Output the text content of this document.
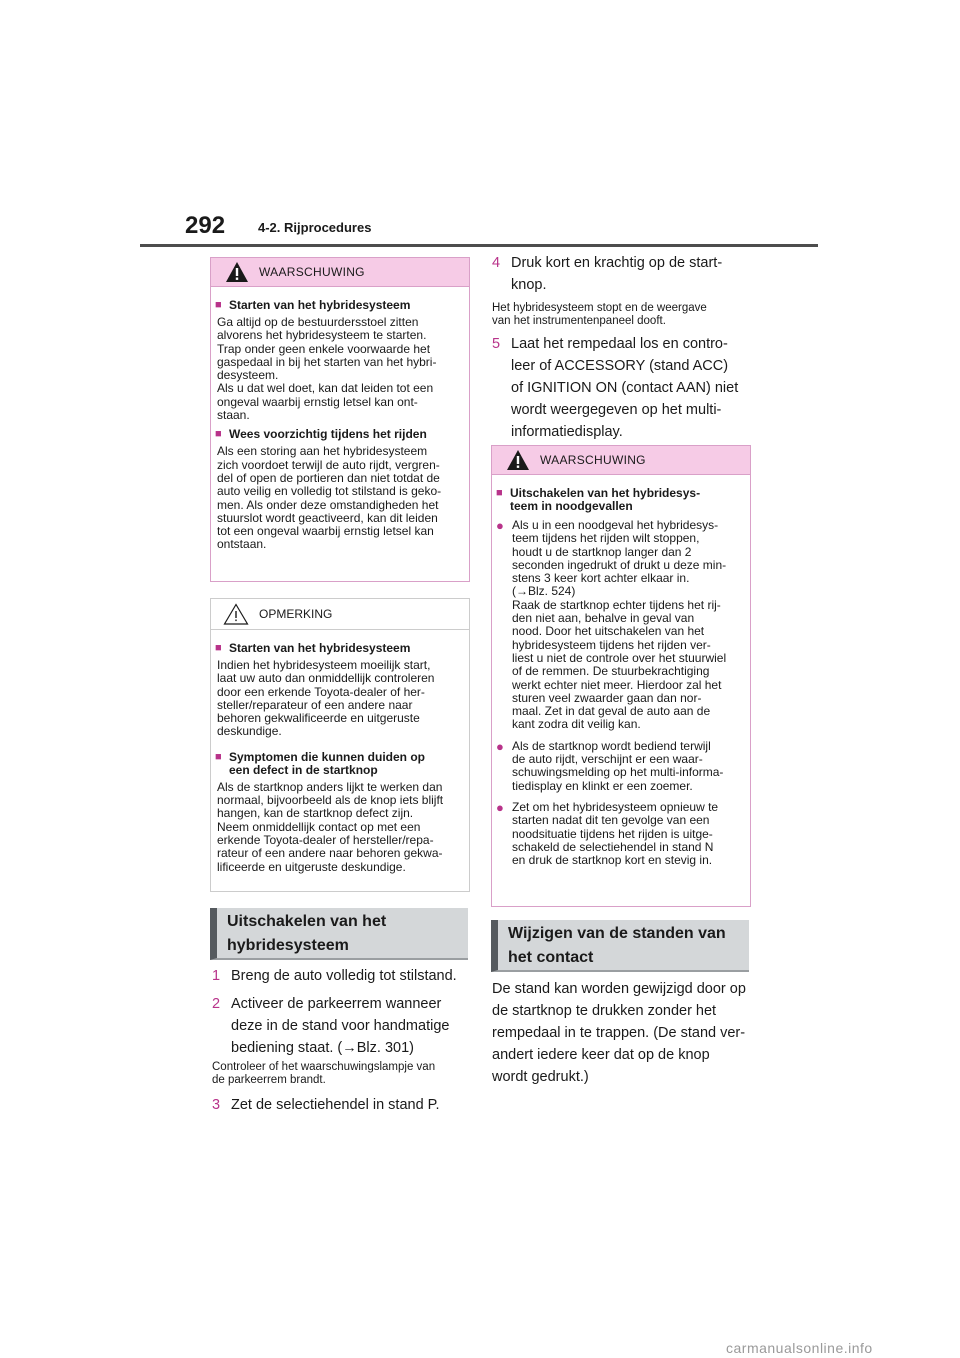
292	4-2. Rijprocedures
WAARSCHUWING
■ Starten van het hybridesysteem
Ga altijd op de bestuurdersstoel zitten
alvorens het hybridesysteem te starten.
Trap onder geen enkele voorwaarde het
gaspedaal in bij het starten van het hybri-
desysteem.
Als u dat wel doet, kan dat leiden tot een
ongeval waarbij ernstig letsel kan ont-
staan.
■ Wees voorzichtig tijdens het rijden
Als een storing aan het hybridesysteem
zich voordoet terwijl de auto rijdt, vergren-
del of open de portieren dan niet totdat de
auto veilig en volledig tot stilstand is geko-
men. Als onder deze omstandigheden het
stuurslot wordt geactiveerd, kan dit leiden
tot een ongeval waarbij ernstig letsel kan
ontstaan.
OPMERKING
■ Starten van het hybridesysteem
Indien het hybridesysteem moeilijk start,
laat uw auto dan onmiddellijk controleren
door een erkende Toyota-dealer of her-
steller/reparateur of een andere naar
behoren gekwalificeerde en uitgeruste
deskundige.
■ Symptomen die kunnen duiden op
een defect in de startknop
Als de startknop anders lijkt te werken dan
normaal, bijvoorbeeld als de knop iets blijft
hangen, kan de startknop defect zijn.
Neem onmiddellijk contact op met een
erkende Toyota-dealer of hersteller/repa-
rateur of een andere naar behoren gekwa-
lificeerde en uitgeruste deskundige.
Uitschakelen van het
hybridesysteem
1 Breng de auto volledig tot stilstand.
2 Activeer de parkeerrem wanneer
deze in de stand voor handmatige
bediening staat. (→Blz. 301)
Controleer of het waarschuwingslampje van
de parkeerrem brandt.
3 Zet de selectiehendel in stand P.
4 Druk kort en krachtig op de start-
knop.
Het hybridesysteem stopt en de weergave
van het instrumentenpaneel dooft.
5 Laat het rempedaal los en contro-
leer of ACCESSORY (stand ACC)
of IGNITION ON (contact AAN) niet
wordt weergegeven op het multi-
informatiedisplay.
WAARSCHUWING
■ Uitschakelen van het hybridesys-
teem in noodgevallen
● Als u in een noodgeval het hybridesys-
teem tijdens het rijden wilt stoppen,
houdt u de startknop langer dan 2
seconden ingedrukt of drukt u deze min-
stens 3 keer kort achter elkaar in.
(→Blz. 524)
Raak de startknop echter tijdens het rij-
den niet aan, behalve in geval van
nood. Door het uitschakelen van het
hybridesysteem tijdens het rijden ver-
liest u niet de controle over het stuurwiel
of de remmen. De stuurbekrachtiging
werkt echter niet meer. Hierdoor zal het
sturen veel zwaarder gaan dan nor-
maal. Zet in dat geval de auto aan de
kant zodra dit veilig kan.
● Als de startknop wordt bediend terwijl
de auto rijdt, verschijnt er een waar-
schuwingsmelding op het multi-informa-
tiedisplay en klinkt er een zoemer.
● Zet om het hybridesysteem opnieuw te
starten nadat dit ten gevolge van een
noodsituatie tijdens het rijden is uitge-
schakeld de selectiehendel in stand N
en druk de startknop kort en stevig in.
Wijzigen van de standen van
het contact
De stand kan worden gewijzigd door op
de startknop te drukken zonder het
rempedaal in te trappen. (De stand ver-
andert iedere keer dat op de knop
wordt gedrukt.)
carmanualsonline.info
